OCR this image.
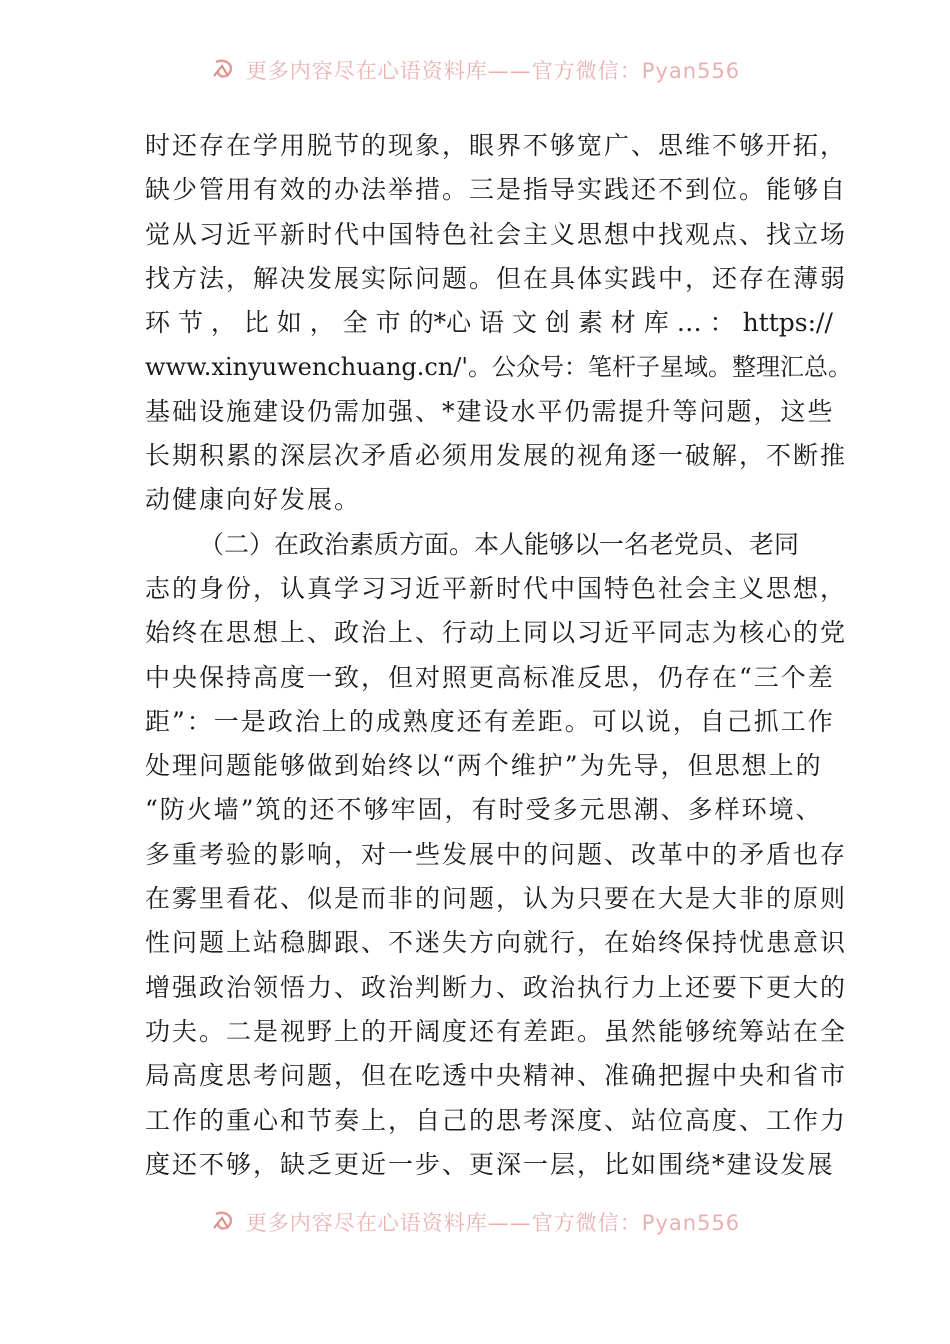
更多内容尽在心语资料库——官方微信：Pyan556
时还存在学用脱节的现象，眼界不够宽广、思维不够开拓，
缺少管用有效的办法举措。三是指导实践还不到位。能够自
觉从习近平新时代中国特色社会主义思想中找观点、找立场
找方法，解决发展实际问题。但在具体实践中，还存在薄弱
环 节 ， 比 如 ， 全 市 的*心 语 文 创 素 材 库 … ： https://
www.xinyuwenchuang.cn/'。公众号：笔杆子星域。整理汇总。
基础设施建设仍需加强、*建设水平仍需提升等问题，这些
长期积累的深层次矛盾必须用发展的视角逐一破解，不断推
动健康向好发展。
（二）在政治素质方面。本人能够以一名老党员、老同
志的身份，认真学习习近平新时代中国特色社会主义思想，
始终在思想上、政治上、行动上同以习近平同志为核心的党
中央保持高度一致，但对照更高标准反思，仍存在“三个差
距”：一是政治上的成熟度还有差距。可以说，自己抓工作
处理问题能够做到始终以“两个维护”为先导，但思想上的
“防火墙”筑的还不够牢固，有时受多元思潮、多样环境、
多重考验的影响，对一些发展中的问题、改革中的矛盾也存
在雾里看花、似是而非的问题，认为只要在大是大非的原则
性问题上站稳脚跟、不迷失方向就行，在始终保持忧患意识
增强政治领悟力、政治判断力、政治执行力上还要下更大的
功夫。二是视野上的开阔度还有差距。虽然能够统筹站在全
局高度思考问题，但在吃透中央精神、准确把握中央和省市
工作的重心和节奏上，自己的思考深度、站位高度、工作力
度还不够，缺乏更近一步、更深一层，比如围绕*建设发展
更多内容尽在心语资料库——官方微信：Pyan556
